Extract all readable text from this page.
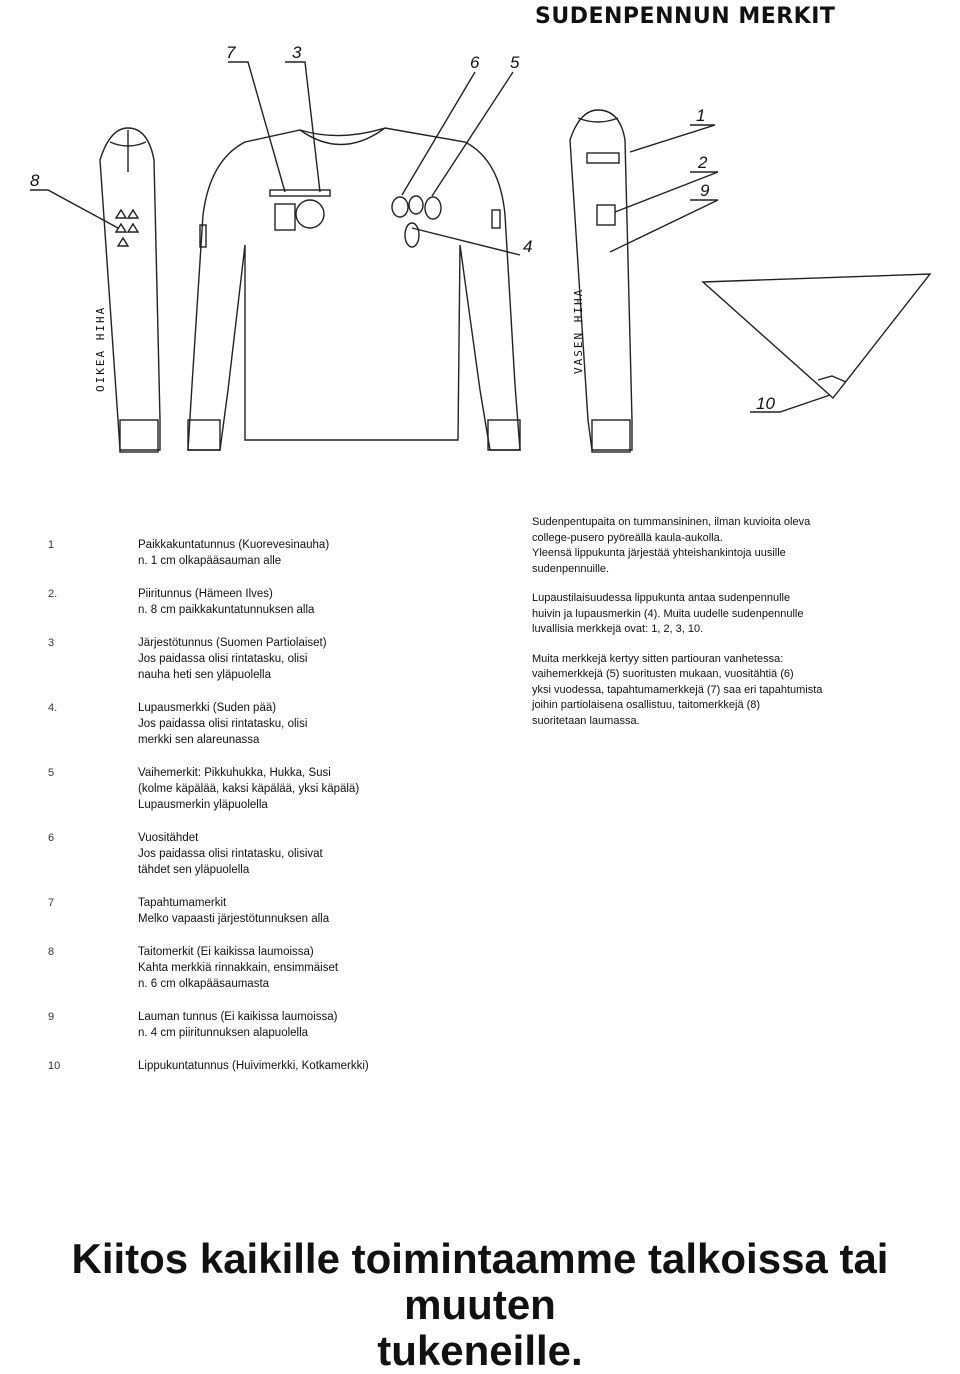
SUDENPENNUN MERKIT
7	3
6 5
4
8
1
2
9
10
OIKEA HIHA	VASEN HIHA
1	Paikkakuntatunnus (Kuorevesinauha)
n. 1 cm olkapääsauman alle
2.	Piiritunnus (Hämeen Ilves)
n. 8 cm paikkakuntatunnuksen alla
3	Järjestötunnus (Suomen Partiolaiset)
Jos paidassa olisi rintatasku, olisi
nauha heti sen yläpuolella
4.	Lupausmerkki (Suden pää)
Jos paidassa olisi rintatasku, olisi
merkki sen alareunassa
5	Vaihemerkit: Pikkuhukka, Hukka, Susi
(kolme käpälää, kaksi käpälää, yksi käpälä)
Lupausmerkin yläpuolella
6	Vuositähdet
Jos paidassa olisi rintatasku, olisivat
tähdet sen yläpuolella
7	Tapahtumamerkit
Melko vapaasti järjestötunnuksen alla
8	Taitomerkit (Ei kaikissa laumoissa)
Kahta merkkiä rinnakkain, ensimmäiset
n. 6 cm olkapääsaumasta
9	Lauman tunnus (Ei kaikissa laumoissa)
n. 4 cm piiritunnuksen alapuolella
10	Lippukuntatunnus (Huivimerkki, Kotkamerkki)

Sudenpentupaita on tummansininen, ilman kuvioita oleva
college-pusero pyöreällä kaula-aukolla.
Yleensä lippukunta järjestää yhteishankintoja uusille
sudenpennuille.

Lupaustilaisuudessa lippukunta antaa sudenpennulle
huivin ja lupausmerkin (4). Muita uudelle sudenpennulle
luvallisia merkkejä ovat: 1, 2, 3, 10.

Muita merkkejä kertyy sitten partiouran vanhetessa:
vaihemerkkejä (5) suoritusten mukaan, vuositähtiä (6)
yksi vuodessa, tapahtumamerkkejä (7) saa eri tapahtumista
joihin partiolaisena osallistuu, taitomerkkejä (8)
suoritetaan laumassa.

Kiitos kaikille toimintaamme talkoissa tai muuten
tukeneille.
